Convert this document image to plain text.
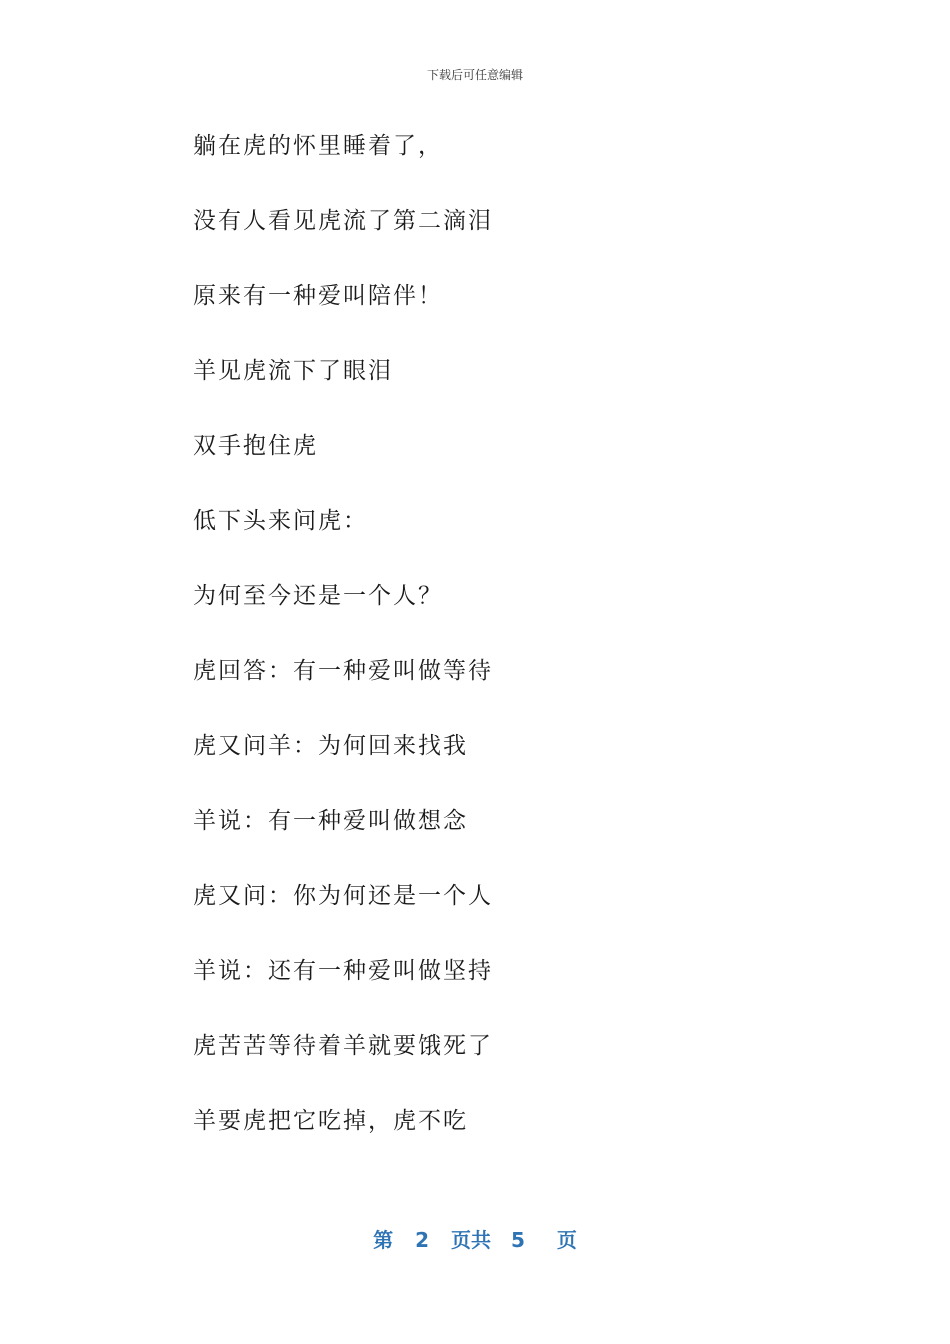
下载后可任意编辑
躺在虎的怀里睡着了，
没有人看见虎流了第二滴泪
原来有一种爱叫陪伴！
羊见虎流下了眼泪
双手抱住虎
低下头来问虎：
为何至今还是一个人？
虎回答：有一种爱叫做等待
虎又问羊：为何回来找我
羊说：有一种爱叫做想念
虎又问：你为何还是一个人
羊说：还有一种爱叫做坚持
虎苦苦等待着羊就要饿死了
羊要虎把它吃掉，虎不吃
第 2 页共 5 页
